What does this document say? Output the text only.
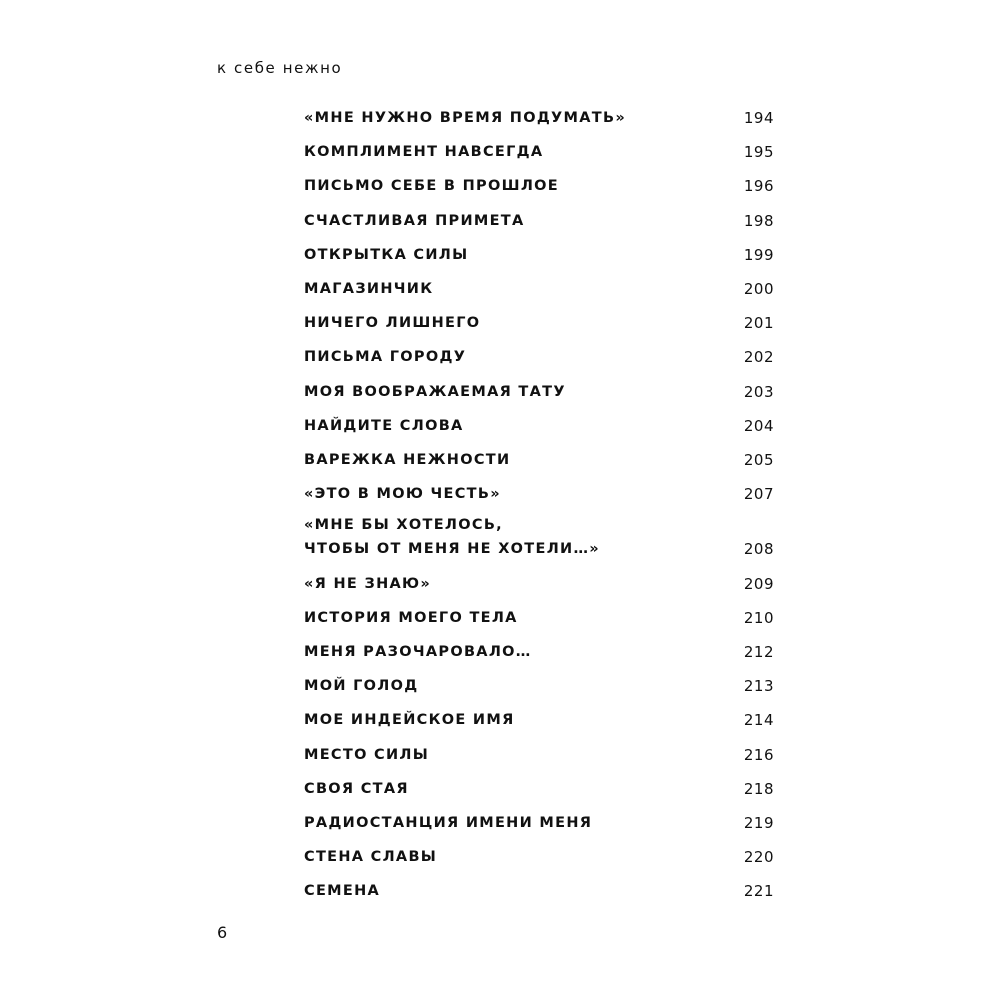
к себе нежно
«МНЕ НУЖНО ВРЕМЯ ПОДУМАТЬ»	194
КОМПЛИМЕНТ НАВСЕГДА	195
ПИСЬМО СЕБЕ В ПРОШЛОЕ	196
СЧАСТЛИВАЯ ПРИМЕТА	198
ОТКРЫТКА СИЛЫ	199
МАГАЗИНЧИК	200
НИЧЕГО ЛИШНЕГО	201
ПИСЬМА ГОРОДУ	202
МОЯ ВООБРАЖАЕМАЯ ТАТУ	203
НАЙДИТЕ СЛОВА	204
ВАРЕЖКА НЕЖНОСТИ	205
«ЭТО В МОЮ ЧЕСТЬ»	207
«МНЕ БЫ ХОТЕЛОСЬ,
ЧТОБЫ ОТ МЕНЯ НЕ ХОТЕЛИ…»	208
«Я НЕ ЗНАЮ»	209
ИСТОРИЯ МОЕГО ТЕЛА	210
МЕНЯ РАЗОЧАРОВАЛО…	212
МОЙ ГОЛОД	213
МОЕ ИНДЕЙСКОЕ ИМЯ	214
МЕСТО СИЛЫ	216
СВОЯ СТАЯ	218
РАДИОСТАНЦИЯ ИМЕНИ МЕНЯ	219
СТЕНА СЛАВЫ	220
СЕМЕНА	221
6
